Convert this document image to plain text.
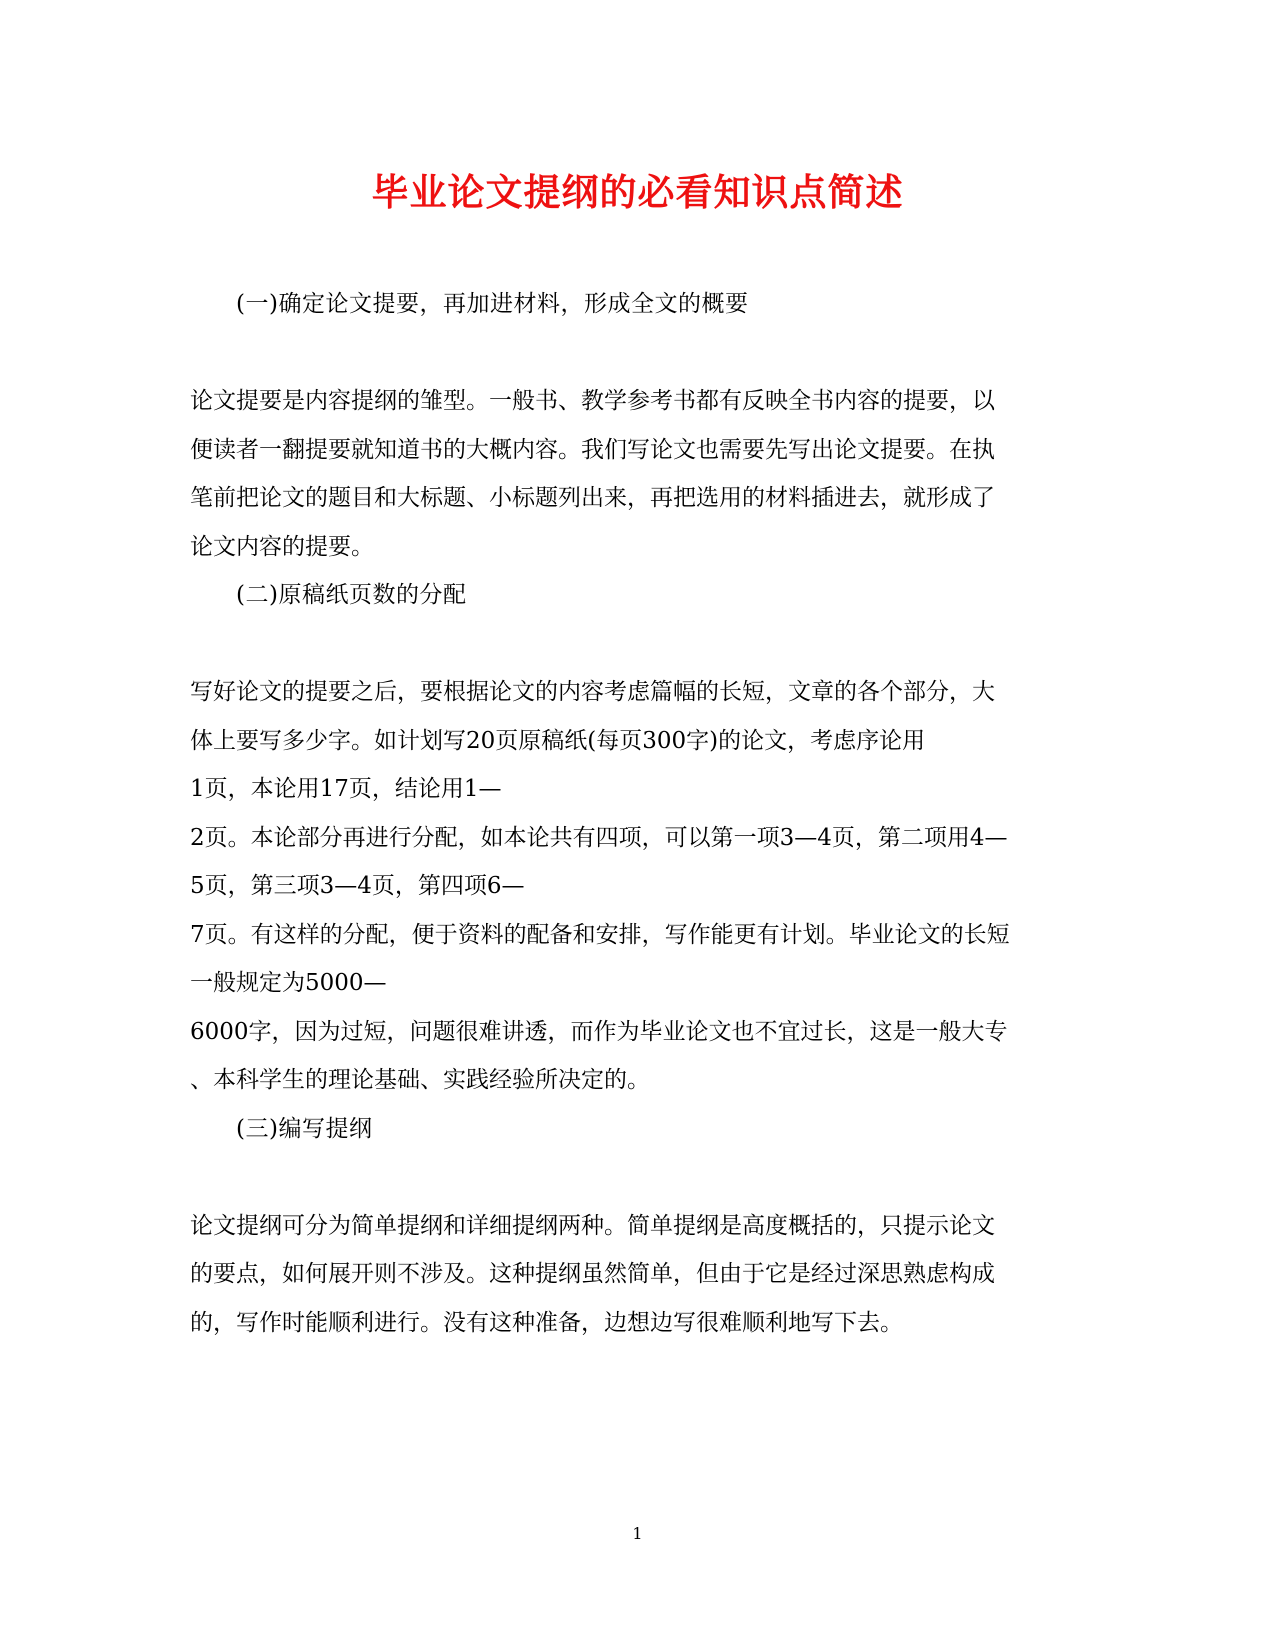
毕业论文提纲的必看知识点简述
(一)确定论文提要，再加进材料，形成全文的概要
论文提要是内容提纲的雏型。一般书、教学参考书都有反映全书内容的提要，以
便读者一翻提要就知道书的大概内容。我们写论文也需要先写出论文提要。在执
笔前把论文的题目和大标题、小标题列出来，再把选用的材料插进去，就形成了
论文内容的提要。
(二)原稿纸页数的分配
写好论文的提要之后，要根据论文的内容考虑篇幅的长短，文章的各个部分，大
体上要写多少字。如计划写20页原稿纸(每页300字)的论文，考虑序论用
1页，本论用17页，结论用1—
2页。本论部分再进行分配，如本论共有四项，可以第一项3—4页，第二项用4—
5页，第三项3—4页，第四项6—
7页。有这样的分配，便于资料的配备和安排，写作能更有计划。毕业论文的长短
一般规定为5000—
6000字，因为过短，问题很难讲透，而作为毕业论文也不宜过长，这是一般大专
、本科学生的理论基础、实践经验所决定的。
(三)编写提纲
论文提纲可分为简单提纲和详细提纲两种。简单提纲是高度概括的，只提示论文
的要点，如何展开则不涉及。这种提纲虽然简单，但由于它是经过深思熟虑构成
的，写作时能顺利进行。没有这种准备，边想边写很难顺利地写下去。
1
